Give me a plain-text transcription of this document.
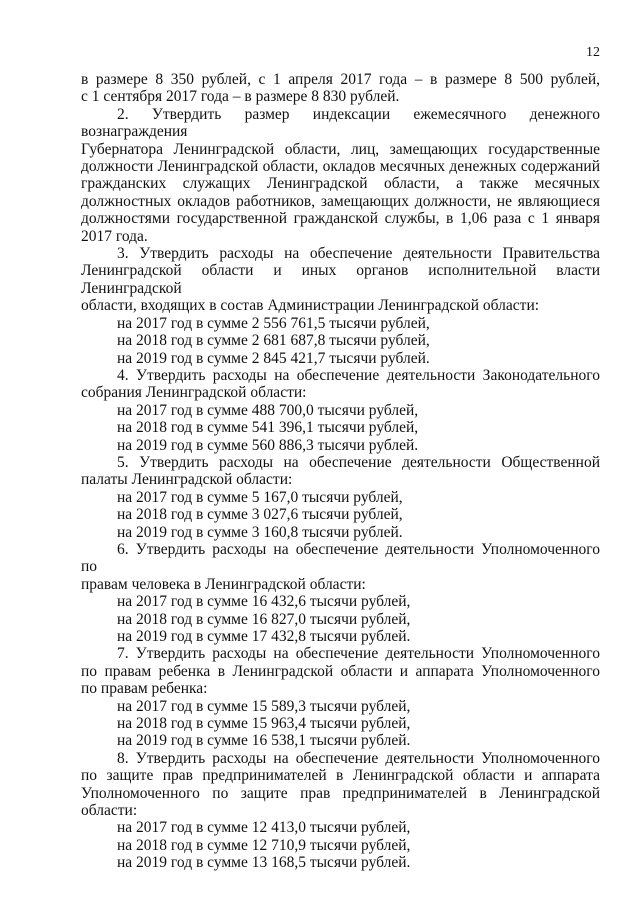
12

в размере 8 350 рублей, с 1 апреля 2017 года – в размере 8 500 рублей,

с 1 сентября 2017 года – в размере 8 830 рублей.

2. Утвердить размер индексации ежемесячного денежного вознаграждения

Губернатора Ленинградской области, лиц, замещающих государственные

должности Ленинградской области, окладов месячных денежных содержаний

гражданских служащих Ленинградской области, а также месячных

должностных окладов работников, замещающих должности, не являющиеся

должностями государственной гражданской службы, в 1,06 раза с 1 января

2017 года.

3. Утвердить расходы на обеспечение деятельности Правительства

Ленинградской области и иных органов исполнительной власти Ленинградской

области, входящих в состав Администрации Ленинградской области:

на 2017 год в сумме 2 556 761,5 тысячи рублей,

на 2018 год в сумме 2 681 687,8 тысячи рублей,

на 2019 год в сумме 2 845 421,7 тысячи рублей.

4. Утвердить расходы на обеспечение деятельности Законодательного

собрания Ленинградской области:

на 2017 год в сумме 488 700,0 тысячи рублей,

на 2018 год в сумме 541 396,1 тысячи рублей,

на 2019 год в сумме 560 886,3 тысячи рублей.

5. Утвердить расходы на обеспечение деятельности Общественной

палаты Ленинградской области:

на 2017 год в сумме 5 167,0 тысячи рублей,

на 2018 год в сумме 3 027,6 тысячи рублей,

на 2019 год в сумме 3 160,8 тысячи рублей.

6. Утвердить расходы на обеспечение деятельности Уполномоченного по

правам человека в Ленинградской области:

на 2017 год в сумме 16 432,6 тысячи рублей,

на 2018 год в сумме 16 827,0 тысячи рублей,

на 2019 год в сумме 17 432,8 тысячи рублей.

7. Утвердить расходы на обеспечение деятельности Уполномоченного

по правам ребенка в Ленинградской области и аппарата Уполномоченного

по правам ребенка:

на 2017 год в сумме 15 589,3 тысячи рублей,

на 2018 год в сумме 15 963,4 тысячи рублей,

на 2019 год в сумме 16 538,1 тысячи рублей.

8. Утвердить расходы на обеспечение деятельности Уполномоченного

по защите прав предпринимателей в Ленинградской области и аппарата

Уполномоченного по защите прав предпринимателей в Ленинградской области:

на 2017 год в сумме 12 413,0 тысячи рублей,

на 2018 год в сумме 12 710,9 тысячи рублей,

на 2019 год в сумме 13 168,5 тысячи рублей.
